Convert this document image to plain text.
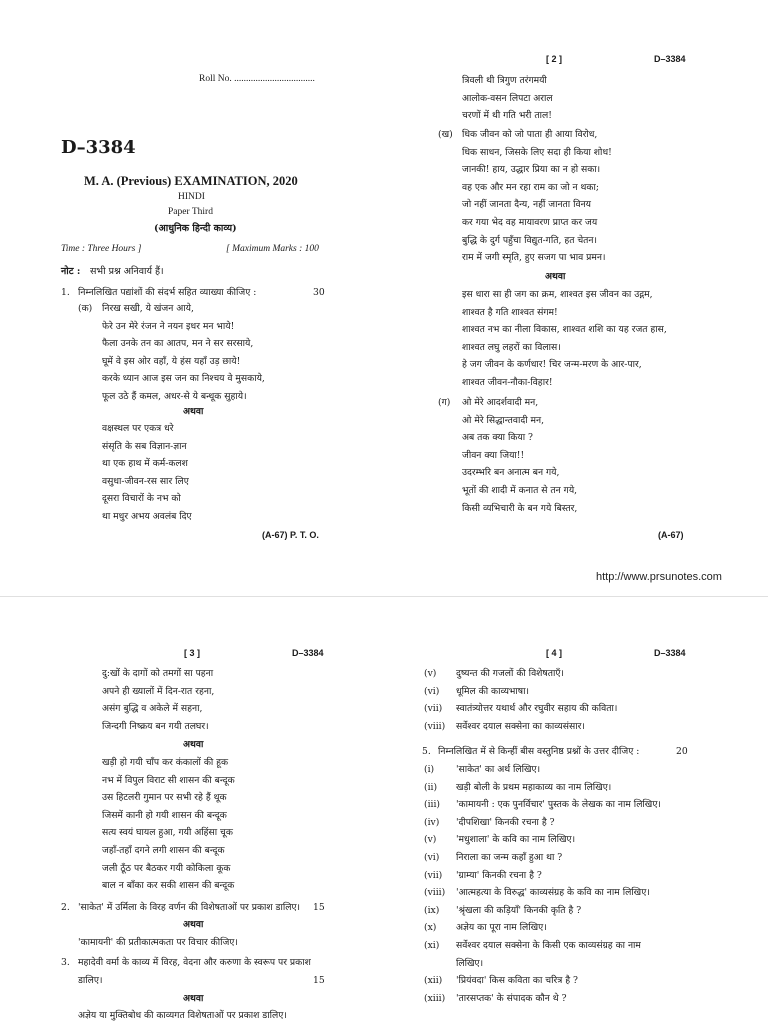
Roll No. ..................................
D–3384
M. A. (Previous) EXAMINATION, 2020
HINDI
Paper Third
(आधुनिक हिन्दी काव्य)
Time : Three Hours ]	[ Maximum Marks : 100
नोट : सभी प्रश्न अनिवार्य हैं।
1. निम्नलिखित पद्यांशों की संदर्भ सहित व्याख्या कीजिए :	30
(क) निरख सखी, ये खंजन आये,
फेरे उन मेरे रंजन ने नयन इधर मन भाये!
फैला उनके तन का आतप, मन ने सर सरसाये,
घूमें वे इस ओर वहाँ, ये हंस यहाँ उड़ छाये!
करके ध्यान आज इस जन का निश्चय वे मुसकाये,
फूल उठे हैं कमल, अधर-से ये बन्धूक सुहाये।
अथवा
वक्षस्थल पर एकत्र धरे
संसृति के सब विज्ञान-ज्ञान
था एक हाथ में कर्म-कलश
वसुधा-जीवन-रस सार लिए
दूसरा विचारों के नभ को
था मधुर अभय अवलंब दिए
(A-67) P. T. O.
[ 2 ]	D–3384
त्रिवली थी त्रिगुण तरंगमयी
आलोक-वसन लिपटा अराल
चरणों में थी गति भरी ताल!
(ख) धिक जीवन को जो पाता ही आया विरोध,
धिक साधन, जिसके लिए सदा ही किया शोध!
जानकी! हाय, उद्धार प्रिया का न हो सका।
वह एक और मन रहा राम का जो न थका;
जो नहीं जानता दैन्य, नहीं जानता विनय
कर गया भेद वह मायावरण प्राप्त कर जय
बुद्धि के दुर्ग पहुँचा विद्युत-गति, हत चेतन।
राम में जगी स्मृति, हुए सजग पा भाव प्रमन।
अथवा
इस धारा सा ही जग का क्रम, शाश्वत इस जीवन का उद्गम,
शाश्वत है गति शाश्वत संगम!
शाश्वत नभ का नीला विकास, शाश्वत शशि का यह रजत हास,
शाश्वत लघु लहरों का विलास।
हे जग जीवन के कर्णधार! चिर जन्म-मरण के आर-पार,
शाश्वत जीवन-नौका-विहार!
(ग) ओ मेरे आदर्शवादी मन,
ओ मेरे सिद्धान्तवादी मन,
अब तक क्या किया ?
जीवन क्या जिया!!
उदरम्भरि बन अनात्म बन गये,
भूतों की शादी में कनात से तन गये,
किसी व्यभिचारी के बन गये बिस्तर,
(A-67)
http://www.prsunotes.com
[ 3 ]	D–3384
दु:खों के दागों को तमगों सा पहना
अपने ही ख्यालों में दिन-रात रहना,
असंग बुद्धि व अकेले में सहना,
जिन्दगी निष्क्रय बन गयी तलघर।
अथवा
खड़ी हो गयी चाँप कर कंकालों की हूक
नभ में विपुल विराट सी शासन की बन्दूक
उस हिटलरी गुमान पर सभी रहे हैं थूक
जिसमें कानी हो गयी शासन की बन्दूक
सत्य स्वयं घायल हुआ, गयी अहिंसा चूक
जहाँ-तहाँ दगने लगी शासन की बन्दूक
जली ठूँठ पर बैठकर गयी कोकिला कूक
बाल न बाँका कर सकी शासन की बन्दूक
2. 'साकेत' में उर्मिला के विरह वर्णन की विशेषताओं पर प्रकाश डालिए। 15
अथवा
'कामायनी' की प्रतीकात्मकता पर विचार कीजिए।
3. महादेवी वर्मा के काव्य में विरह, वेदना और करुणा के स्वरूप पर प्रकाश
डालिए।	15
अथवा
अज्ञेय या मुक्तिबोध की काव्यगत विशेषताओं पर प्रकाश डालिए।
[ 4 ]	D–3384
(v) दुष्यन्त की गजलों की विशेषताएँ।
(vi) धूमिल की काव्यभाषा।
(vii) स्वातंत्र्योत्तर यथार्थ और रघुवीर सहाय की कविता।
(viii) सर्वेश्वर दयाल सक्सेना का काव्यसंसार।
5. निम्नलिखित में से किन्हीं बीस वस्तुनिष्ठ प्रश्नों के उत्तर दीजिए :	20
(i) 'साकेत' का अर्थ लिखिए।
(ii) खड़ी बोली के प्रथम महाकाव्य का नाम लिखिए।
(iii) 'कामायनी : एक पुनर्विचार' पुस्तक के लेखक का नाम लिखिए।
(iv) 'दीपशिखा' किनकी रचना है ?
(v) 'मधुशाला' के कवि का नाम लिखिए।
(vi) निराला का जन्म कहाँ हुआ था ?
(vii) 'ग्राम्या' किनकी रचना है ?
(viii) 'आत्महत्या के विरुद्ध' काव्यसंग्रह के कवि का नाम लिखिए।
(ix) 'श्रृंखला की कड़ियाँ' किनकी कृति है ?
(x) अज्ञेय का पूरा नाम लिखिए।
(xi) सर्वेश्वर दयाल सक्सेना के किसी एक काव्यसंग्रह का नाम
लिखिए।
(xii) 'प्रियंवदा' किस कविता का चरित्र है ?
(xiii) 'तारसप्तक' के संपादक कौन थे ?
